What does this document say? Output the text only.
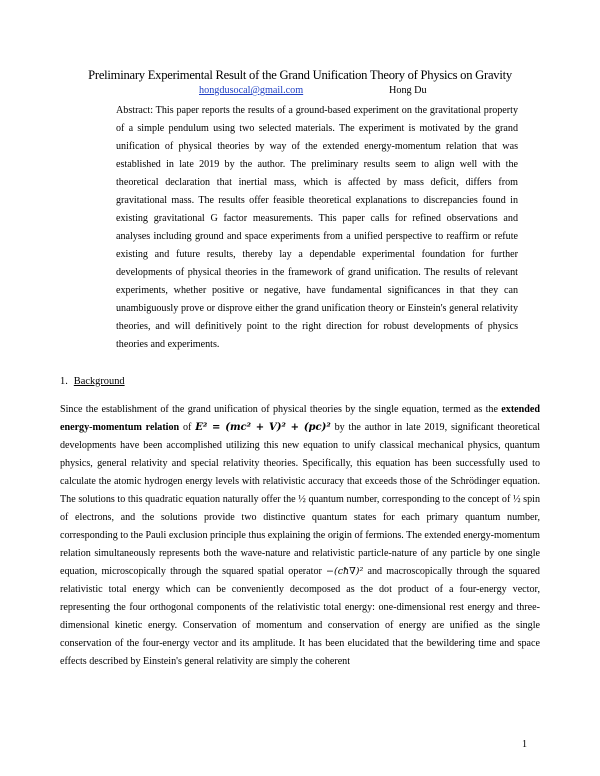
Preliminary Experimental Result of the Grand Unification Theory of Physics on Gravity
hongdusocal@gmail.com	Hong Du
Abstract: This paper reports the results of a ground-based experiment on the gravitational property of a simple pendulum using two selected materials. The experiment is motivated by the grand unification of physical theories by way of the extended energy-momentum relation that was established in late 2019 by the author. The preliminary results seem to align well with the theoretical declaration that inertial mass, which is affected by mass deficit, differs from gravitational mass. The results offer feasible theoretical explanations to discrepancies found in existing gravitational G factor measurements. This paper calls for refined observations and analyses including ground and space experiments from a unified perspective to reaffirm or refute existing and future results, thereby lay a dependable experimental foundation for further developments of physical theories in the framework of grand unification. The results of relevant experiments, whether positive or negative, have fundamental significances in that they can unambiguously prove or disprove either the grand unification theory or Einstein's general relativity theories, and will definitively point to the right direction for robust developments of physics theories and experiments.
1. Background
Since the establishment of the grand unification of physical theories by the single equation, termed as the extended energy-momentum relation of E² = (mc² + V)² + (pc)² by the author in late 2019, significant theoretical developments have been accomplished utilizing this new equation to unify classical mechanical physics, quantum physics, general relativity and special relativity theories. Specifically, this equation has been successfully used to calculate the atomic hydrogen energy levels with relativistic accuracy that exceeds those of the Schrödinger equation. The solutions to this quadratic equation naturally offer the ½ quantum number, corresponding to the concept of ½ spin of electrons, and the solutions provide two distinctive quantum states for each primary quantum number, corresponding to the Pauli exclusion principle thus explaining the origin of fermions. The extended energy-momentum relation simultaneously represents both the wave-nature and relativistic particle-nature of any particle by one single equation, microscopically through the squared spatial operator −(cħ∇)² and macroscopically through the squared relativistic total energy which can be conveniently decomposed as the dot product of a four-energy vector, representing the four orthogonal components of the relativistic total energy: one-dimensional rest energy and three-dimensional kinetic energy. Conservation of momentum and conservation of energy are unified as the single conservation of the four-energy vector and its amplitude. It has been elucidated that the bewildering time and space effects described by Einstein's general relativity are simply the coherent
1
